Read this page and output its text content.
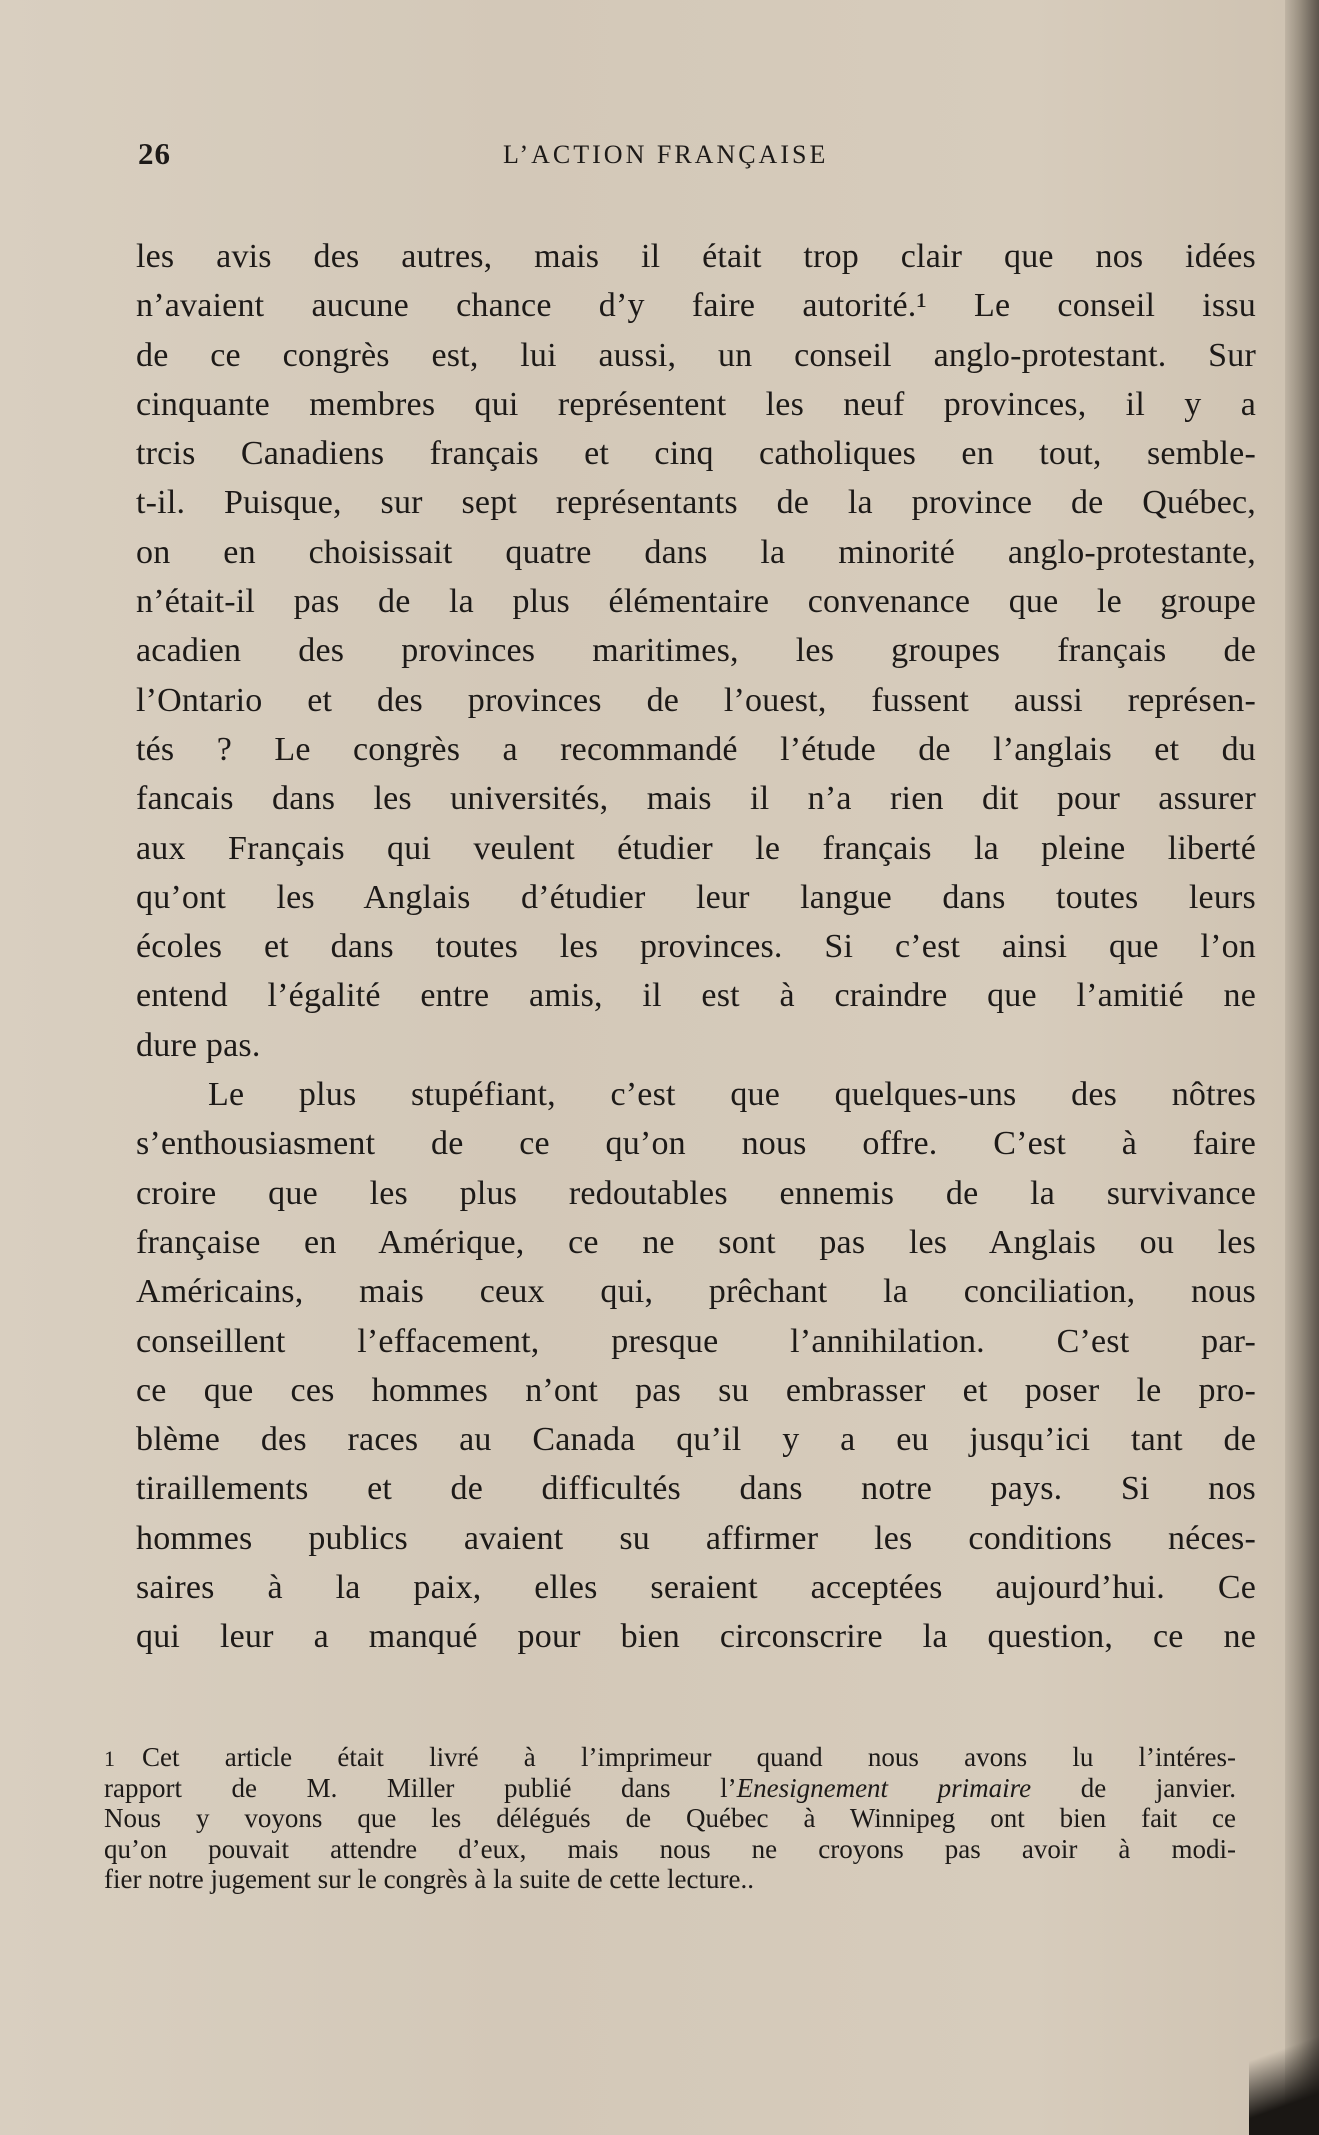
26	L’ACTION FRANÇAISE
les avis des autres, mais il était trop clair que nos idées
n’avaient aucune chance d’y faire autorité.¹ Le conseil issu
de ce congrès est, lui aussi, un conseil anglo-protestant. Sur
cinquante membres qui représentent les neuf provinces, il y a
trcis Canadiens français et cinq catholiques en tout, semble-
t-il. Puisque, sur sept représentants de la province de Québec,
on en choisissait quatre dans la minorité anglo-protestante,
n’était-il pas de la plus élémentaire convenance que le groupe
acadien des provinces maritimes, les groupes français de
l’Ontario et des provinces de l’ouest, fussent aussi représen-
tés ? Le congrès a recommandé l’étude de l’anglais et du
fancais dans les universités, mais il n’a rien dit pour assurer
aux Français qui veulent étudier le français la pleine liberté
qu’ont les Anglais d’étudier leur langue dans toutes leurs
écoles et dans toutes les provinces. Si c’est ainsi que l’on
entend l’égalité entre amis, il est à craindre que l’amitié ne
dure pas.
Le plus stupéfiant, c’est que quelques-uns des nôtres
s’enthousiasment de ce qu’on nous offre. C’est à faire
croire que les plus redoutables ennemis de la survivance
française en Amérique, ce ne sont pas les Anglais ou les
Américains, mais ceux qui, prêchant la conciliation, nous
conseillent l’effacement, presque l’annihilation. C’est par-
ce que ces hommes n’ont pas su embrasser et poser le pro-
blème des races au Canada qu’il y a eu jusqu’ici tant de
tiraillements et de difficultés dans notre pays. Si nos
hommes publics avaient su affirmer les conditions néces-
saires à la paix, elles seraient acceptées aujourd’hui. Ce
qui leur a manqué pour bien circonscrire la question, ce ne
1 Cet article était livré à l’imprimeur quand nous avons lu l’intéres-
rapport de M. Miller publié dans l’Enesignement primaire de janvier.
Nous y voyons que les délégués de Québec à Winnipeg ont bien fait ce
qu’on pouvait attendre d’eux, mais nous ne croyons pas avoir à modi-
fier notre jugement sur le congrès à la suite de cette lecture..
